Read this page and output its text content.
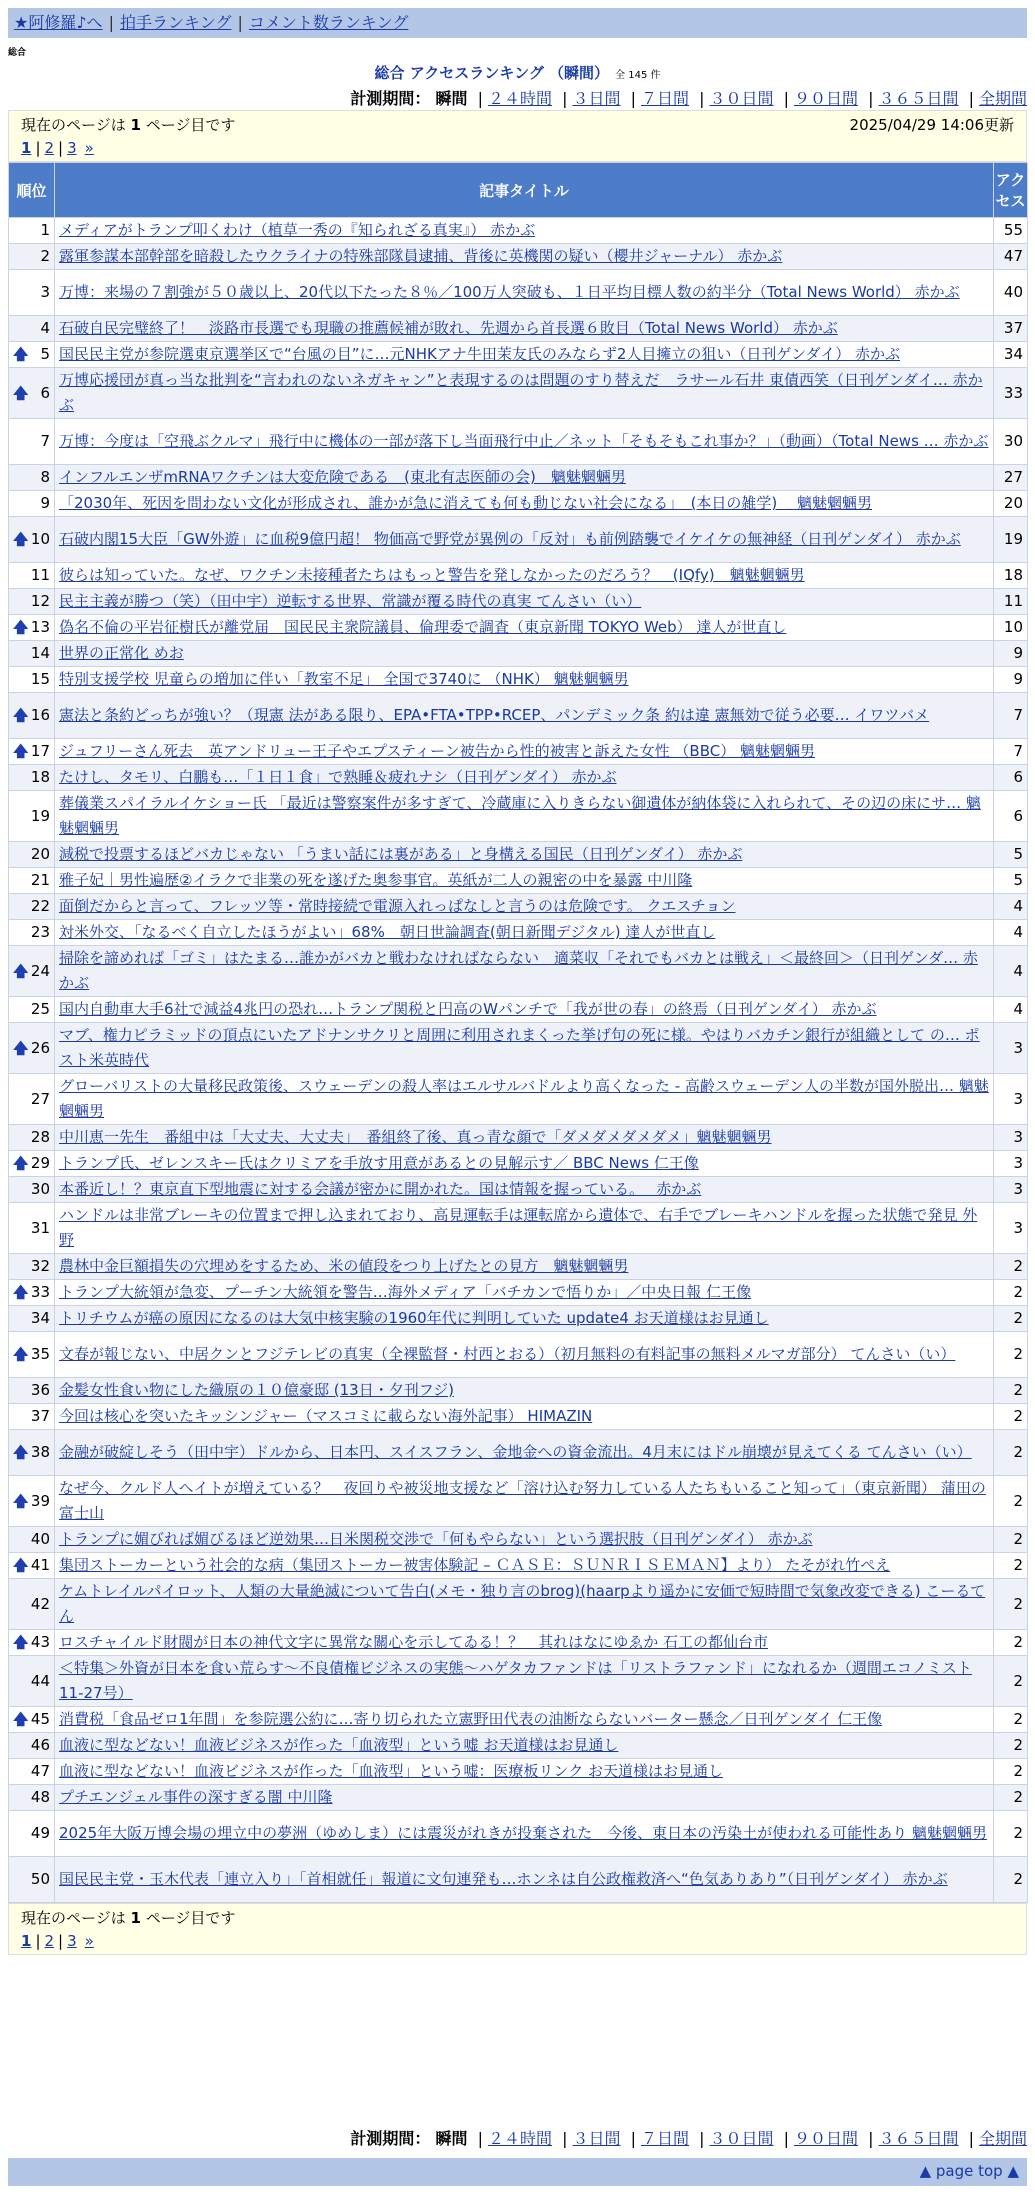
★阿修羅♪へ | 拍手ランキング | コメント数ランキング
総合
総合 アクセスランキング （瞬間） 全 145 件
計測期間： 瞬間 | ２４時間 | ３日間 | ７日間 | ３０日間 | ９０日間 | ３６５日間 | 全期間
現在のページは 1 ページ目です	2025/04/29 14:06更新
1 | 2 | 3 »
順位	記事タイトル	アクセス
1	メディアがトランプ叩くわけ（植草一秀の『知られざる真実』） 赤かぶ	55
2	露軍参謀本部幹部を暗殺したウクライナの特殊部隊員逮捕、背後に英機関の疑い（櫻井ジャーナル） 赤かぶ	47
3	万博：来場の７割強が５０歳以上、20代以下たった８％／100万人突破も、１日平均目標人数の約半分（Total News World） 赤かぶ	40
4	石破自民完璧終了！　淡路市長選でも現職の推薦候補が敗れ、先週から首長選６敗目（Total News World） 赤かぶ	37

🡅 5	国民民主党が参院選東京選挙区で“台風の目”に…元NHKアナ牛田茉友氏のみならず2人目擁立の狙い（日刊ゲンダイ） 赤かぶ	34

🡅 6	万博応援団が真っ当な批判を“言われのないネガキャン”と表現するのは問題のすり替えだ　ラサール石井 東債西笑（日刊ゲンダイ… 赤かぶ	33
7	万博：今度は「空飛ぶクルマ」飛行中に機体の一部が落下し当面飛行中止／ネット「そもそもこれ事か？」（動画）（Total News … 赤かぶ	30
8	インフルエンザmRNAワクチンは大変危険である　(東北有志医師の会)　魑魅魍魎男	27
9	「2030年、死因を問わない文化が形成され、誰かが急に消えても何も動じない社会になる」　(本日の雑学)　 魑魅魍魎男	20

🡅 10	石破内閣15大臣「GW外遊」に血税9億円超！ 物価高で野党が異例の「反対」も前例踏襲でイケイケの無神経（日刊ゲンダイ） 赤かぶ	19
11	彼らは知っていた。なぜ、ワクチン未接種者たちはもっと警告を発しなかったのだろう？　(IQfy)　魑魅魍魎男	18
12	民主主義が勝つ（笑）（田中宇）逆転する世界、常識が覆る時代の真実 てんさい（い）	11

🡅 13	偽名不倫の平岩征樹氏が離党届　国民民主衆院議員、倫理委で調査（東京新聞 TOKYO Web） 達人が世直し	10
14	世界の正常化 めお	9
15	特別支援学校 児童らの増加に伴い「教室不足」 全国で3740に （NHK） 魑魅魍魎男	9

🡅 16	憲法と条約どっちが強い？（現憲 法がある限り、EPA•FTA•TPP•RCEP、パンデミック条 約は違 憲無効で従う必要… イワツバメ	7

🡅 17	ジュフリーさん死去　英アンドリュー王子やエプスティーン被告から性的被害と訴えた女性 （BBC） 魑魅魍魎男	7
18	たけし、タモリ、白鵬も…「１日１食」で熟睡＆疲れナシ（日刊ゲンダイ） 赤かぶ	6
19	葬儀業スパイラルイケショー氏 「最近は警察案件が多すぎて、冷蔵庫に入りきらない御遺体が納体袋に入れられて、その辺の床にサ… 魑魅魍魎男	6
20	減税で投票するほどバカじゃない 「うまい話には裏がある」と身構える国民（日刊ゲンダイ） 赤かぶ	5
21	雅子妃｜男性遍歴②イラクで非業の死を遂げた奥参事官。英紙が二人の親密の中を暴露 中川隆	5
22	面倒だからと言って、フレッツ等・常時接続で電源入れっぱなしと言うのは危険です。 クエスチョン	4
23	対米外交、「なるべく自立したほうがよい」68%　朝日世論調査(朝日新聞デジタル) 達人が世直し	4

🡅 24	掃除を諦めれば「ゴミ」はたまる…誰かがバカと戦わなければならない　適菜収「それでもバカとは戦え」＜最終回＞（日刊ゲンダ… 赤かぶ	4
25	国内自動車大手6社で減益4兆円の恐れ…トランプ関税と円高のWパンチで「我が世の春」の終焉（日刊ゲンダイ） 赤かぶ	4

🡅 26	マブ、権力ピラミッドの頂点にいたアドナンサクリと周囲に利用されまくった挙げ句の死に様。やはりバカチン銀行が組織として の… ポスト米英時代	3
27	グローバリストの大量移民政策後、スウェーデンの殺人率はエルサルバドルより高くなった - 高齢スウェーデン人の半数が国外脱出… 魑魅魍魎男	3
28	中川恵一先生　番組中は「大丈夫、大丈夫」　番組終了後、真っ青な顔で「ダメダメダメダメ」魑魅魍魎男	3

🡅 29	トランプ氏、ゼレンスキー氏はクリミアを手放す用意があるとの見解示す／ BBC News 仁王像	3
30	本番近し！？東京直下型地震に対する会議が密かに開かれた。国は情報を握っている。　 赤かぶ	3
31	ハンドルは非常ブレーキの位置まで押し込まれており、高見運転手は運転席から遺体で、右手でブレーキハンドルを握った状態で発見 外野	3
32	農林中金巨額損失の穴埋めをするため、米の値段をつり上げたとの見方　魑魅魍魎男	2

🡅 33	トランプ大統領が急変、プーチン大統領を警告…海外メディア「バチカンで悟りか」／中央日報 仁王像	2
34	トリチウムが癌の原因になるのは大気中核実験の1960年代に判明していた update4 お天道様はお見通し	2

🡅 35	文春が報じない、中居クンとフジテレビの真実（全裸監督・村西とおる）（初月無料の有料記事の無料メルマガ部分） てんさい（い）	2
36	金髪女性食い物にした織原の１０億豪邸 (13日・夕刊フジ)	2
37	今回は核心を突いたキッシンジャー（マスコミに載らない海外記事） HIMAZIN	2

🡅 38	金融が破綻しそう（田中宇）ドルから、日本円、スイスフラン、金地金への資金流出。4月末にはドル崩壊が見えてくる てんさい（い）	2

🡅 39	なぜ今、クルド人ヘイトが増えている？　夜回りや被災地支援など「溶け込む努力している人たちもいること知って」（東京新聞） 蒲田の富士山	2
40	トランプに媚びれば媚びるほど逆効果…日米関税交渉で「何もやらない」という選択肢（日刊ゲンダイ） 赤かぶ	2

🡅 41	集団ストーカーという社会的な病（集団ストーカー被害体験記 – ＣＡＳＥ：ＳＵＮＲＩＳＥＭＡＮ】より） たそがれ竹ぺえ	2
42	ケムトレイルパイロット、人類の大量絶滅について告白(メモ・独り言のbrog)(haarpより遥かに安価で短時間で気象改変できる) こーるてん	2

🡅 43	ロスチャイルド財閥が日本の神代文字に異常な關心を示してゐる！？　其れはなにゆゑか 石工の都仙台市	2
44	＜特集＞外資が日本を食い荒らす〜不良債権ビジネスの実態〜ハゲタカファンドは「リストラファンド」になれるか（週間エコノミスト11-27号）	2

🡅 45	消費税「食品ゼロ1年間」を参院選公約に…寄り切られた立憲野田代表の油断ならないバーター懸念／日刊ゲンダイ 仁王像	2
46	血液に型などない！血液ビジネスが作った「血液型」という嘘 お天道様はお見通し	2
47	血液に型などない！血液ビジネスが作った「血液型」という嘘：医療板リンク お天道様はお見通し	2
48	プチエンジェル事件の深すぎる闇 中川隆	2
49	2025年大阪万博会場の埋立中の夢洲（ゆめしま）には震災がれきが投棄された　今後、東日本の汚染土が使われる可能性あり 魑魅魍魎男	2
50	国民民主党・玉木代表「連立入り」「首相就任」報道に文句連発も…ホンネは自公政権救済へ“色気ありあり”（日刊ゲンダイ） 赤かぶ	2
計測期間： 瞬間 | ２４時間 | ３日間 | ７日間 | ３０日間 | ９０日間 | ３６５日間 | 全期間
▲ page top ▲
現在のページは 1 ページ目です
1 | 2 | 3 »
